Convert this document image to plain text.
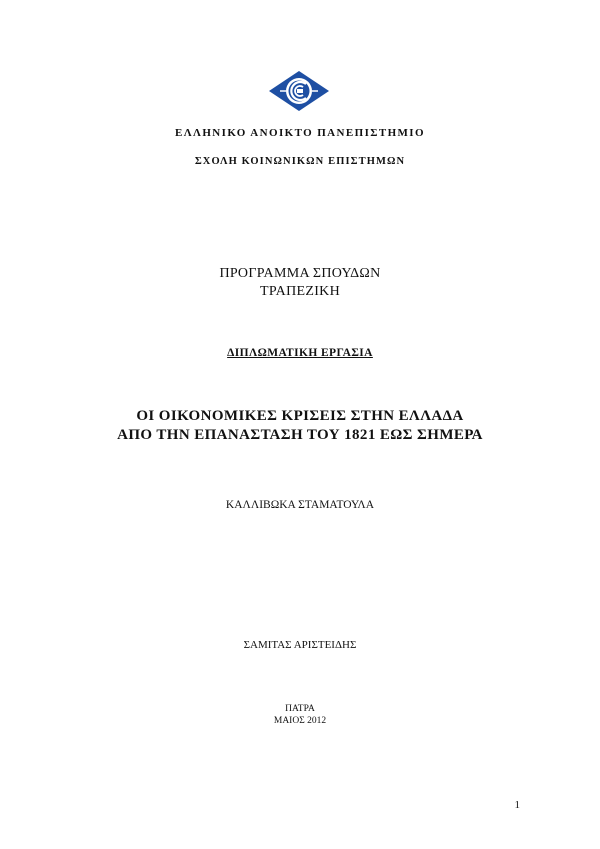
ΕΛΛΗΝΙΚΟ ΑΝΟΙΚΤΟ ΠΑΝΕΠΙΣΤΗΜΙΟ
ΣΧΟΛΗ ΚΟΙΝΩΝΙΚΩΝ ΕΠΙΣΤΗΜΩΝ
ΠΡΟΓΡΑΜΜΑ ΣΠΟΥΔΩΝ
ΤΡΑΠΕΖΙΚΗ
ΔΙΠΛΩΜΑΤΙΚΗ ΕΡΓΑΣΙΑ
ΟΙ ΟΙΚΟΝΟΜΙΚΕΣ ΚΡΙΣΕΙΣ ΣΤΗΝ ΕΛΛΑΔΑ
ΑΠΟ ΤΗΝ ΕΠΑΝΑΣΤΑΣΗ ΤΟΥ 1821 ΕΩΣ ΣΗΜΕΡΑ
ΚΑΛΛΙΒΩΚΑ ΣΤΑΜΑΤΟΥΛΑ
ΣΑΜΙΤΑΣ ΑΡΙΣΤΕΙΔΗΣ
ΠΑΤΡΑ
ΜΑΙΟΣ 2012
1
